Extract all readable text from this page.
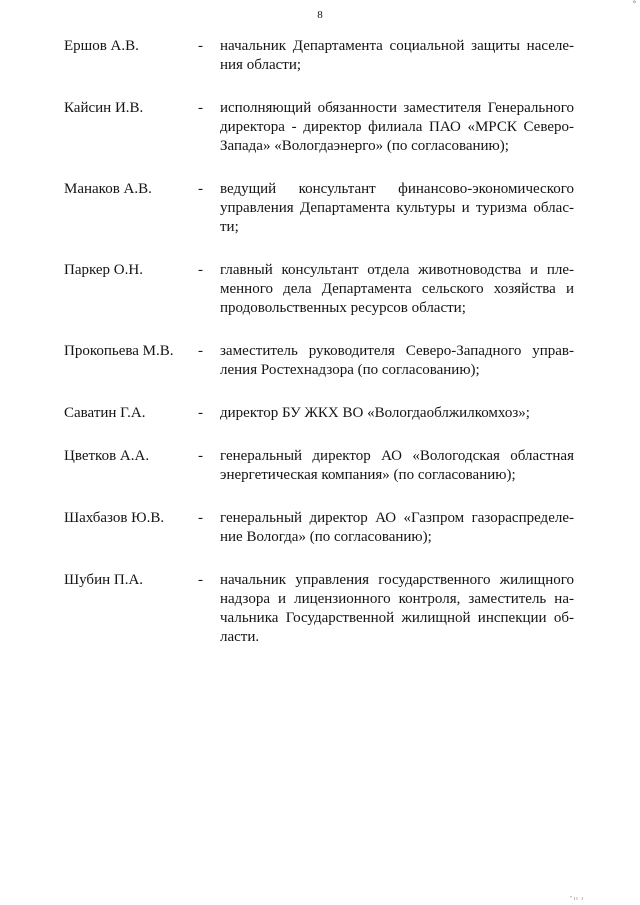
°
8
Ершов А.В.	-	начальник Департамента социальной защиты населения области;
Кайсин И.В.	-	исполняющий обязанности заместителя Генерального директора - директор филиала ПАО «МРСК Северо-Запада» «Вологдаэнерго» (по согласованию);
Манаков А.В.	-	ведущий консультант финансово-экономического управления Департамента культуры и туризма области;
Паркер О.Н.	-	главный консультант отдела животноводства и племенного дела Департамента сельского хозяйства и продовольственных ресурсов области;
Прокопьева М.В.	-	заместитель руководителя Северо-Западного управления Ростехнадзора (по согласованию);
Саватин Г.А.	-	директор БУ ЖКХ ВО «Вологдаоблжилкомхоз»;
Цветков А.А.	-	генеральный директор АО «Вологодская областная энергетическая компания» (по согласованию);
Шахбазов Ю.В.	-	генеральный директор АО «Газпром газораспределение Вологда» (по согласованию);
Шубин П.А.	-	начальник управления государственного жилищного надзора и лицензионного контроля, заместитель начальника Государственной жилищной инспекции области.
"ɪɪ ı
